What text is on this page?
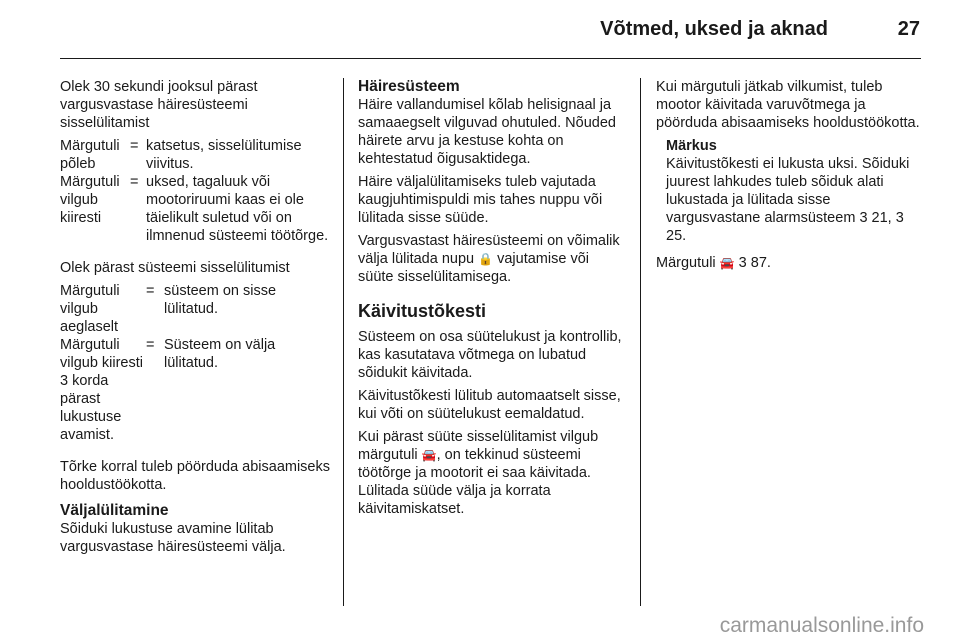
Võtmed, uksed ja aknad	27

Olek 30 sekundi jooksul pärast vargusvastase häiresüsteemi sisselülitamist

Märgutuli põleb
= katsetus, sisselülitumise viivitus.
Märgutuli vilgub kiiresti
= uksed, tagaluuk või mootoriruumi kaas ei ole täielikult suletud või on ilmnenud süsteemi töötõrge.

Olek pärast süsteemi sisselülitumist

Märgutuli vilgub aeglaselt
= süsteem on sisse lülitatud.
Märgutuli vilgub kiiresti 3 korda pärast lukustuse avamist.
= Süsteem on välja lülitatud.

Tõrke korral tuleb pöörduda abisaamiseks hooldustöökotta.

Väljalülitamine

Sõiduki lukustuse avamine lülitab vargusvastase häiresüsteemi välja.

Häiresüsteem

Häire vallandumisel kõlab helisignaal ja samaaegselt vilguvad ohutuled. Nõuded häirete arvu ja kestuse kohta on kehtestatud õigusaktidega.

Häire väljalülitamiseks tuleb vajutada kaugjuhtimispuldi mis tahes nuppu või lülitada sisse süüde.

Vargusvastast häiresüsteemi on võimalik välja lülitada nupu 🔒 vajutamise või süüte sisselülitamisega.

Käivitustõkesti

Süsteem on osa süütelukust ja kontrollib, kas kasutatava võtmega on lubatud sõidukit käivitada.

Käivitustõkesti lülitub automaatselt sisse, kui võti on süütelukust eemaldatud.

Kui pärast süüte sisselülitamist vilgub märgutuli 🚘, on tekkinud süsteemi töötõrge ja mootorit ei saa käivitada. Lülitada süüde välja ja korrata käivitamiskatset.

Kui märgutuli jätkab vilkumist, tuleb mootor käivitada varuvõtmega ja pöörduda abisaamiseks hooldustöökotta.

Märkus

Käivitustõkesti ei lukusta uksi. Sõiduki juurest lahkudes tuleb sõiduk alati lukustada ja lülitada sisse vargusvastane alarmsüsteem 3 21, 3 25.

Märgutuli 🚘 3 87.

carmanualsonline.info
